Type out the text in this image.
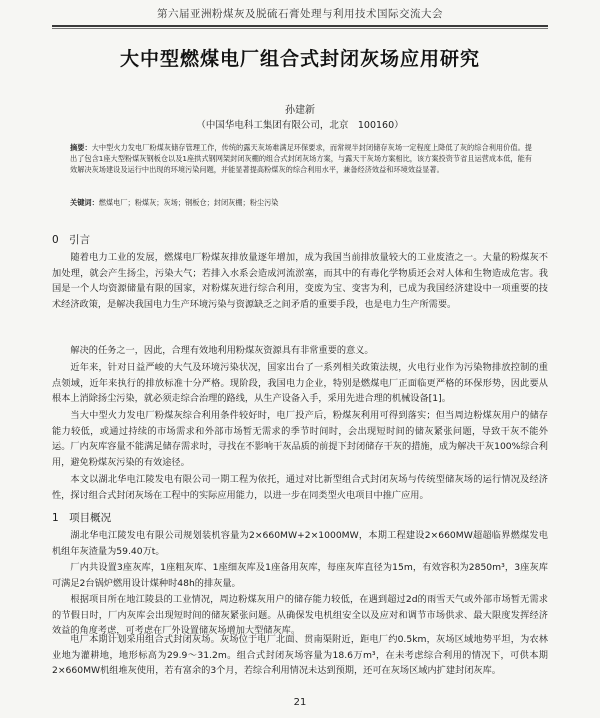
第六届亚洲粉煤灰及脱硫石膏处理与利用技术国际交流大会
大中型燃煤电厂组合式封闭灰场应用研究
孙建新
（中国华电科工集团有限公司，北京　100160）
摘要：大中型火力发电厂粉煤灰储存管理工作，传统的露天灰场难满足环保要求，而常规半封闭储存灰场一定程度上降低了灰的综合利用价值。提出了包含1座大型粉煤灰钢板仓以及1座拱式钢网架封闭灰棚的组合式封闭灰场方案，与露天干灰场方案相比，该方案投资节省且运营成本低，能有效解决灰场建设及运行中出现的环境污染问题，并能显著提高粉煤灰的综合利用水平，兼备经济效益和环境效益显著。
关键词：燃煤电厂；粉煤灰；灰场；钢板仓；封闭灰棚；粉尘污染
0　引言
随着电力工业的发展，燃煤电厂粉煤灰排放量逐年增加，成为我国当前排放量较大的工业废渣之一。大量的粉煤灰不加处理，就会产生扬尘，污染大气；若排入水系会造成河流淤塞，而其中的有毒化学物质还会对人体和生物造成危害。我国是一个人均资源储量有限的国家，对粉煤灰进行综合利用，变废为宝、变害为利，已成为我国经济建设中一项重要的技术经济政策，是解决我国电力生产环境污染与资源缺乏之间矛盾的重要手段，也是电力生产所需要。
解决的任务之一，因此，合理有效地利用粉煤灰资源具有非常重要的意义。
近年来，针对日益严峻的大气及环境污染状况，国家出台了一系列相关政策法规，火电行业作为污染物排放控制的重点领域，近年来执行的排放标准十分严格。现阶段，我国电力企业，特别是燃煤电厂正面临更严格的环保形势，因此要从根本上消除扬尘污染，就必须走综合治理的路线，从生产设备入手，采用先进合理的机械设备[1]。
当大中型火力发电厂粉煤灰综合利用条件较好时，电厂投产后，粉煤灰利用可得到落实；但当周边粉煤灰用户的储存能力较低，或通过持续的市场需求和外部市场暂无需求的季节时间时，会出现短时间的储灰紧张问题，导致干灰不能外运。厂内灰库容量不能满足储存需求时，寻找在不影响干灰品质的前提下封闭储存干灰的措施，成为解决干灰100%综合利用，避免粉煤灰污染的有效途径。
本文以湖北华电江陵发电有限公司一期工程为依托，通过对比新型组合式封闭灰场与传统型储灰场的运行情况及经济性，探讨组合式封闭灰场在工程中的实际应用能力，以进一步在同类型火电项目中推广应用。
1　项目概况
湖北华电江陵发电有限公司规划装机容量为2×660MW+2×1000MW，本期工程建设2×660MW超超临界燃煤发电机组年灰渣量为59.40万t。
厂内共设置3座灰库，1座粗灰库、1座细灰库及1座备用灰库，每座灰库直径为15m，有效容积为2850m³，3座灰库可满足2台锅炉燃用设计煤种时48h的排灰量。
根据项目所在地江陵县的工业情况，周边粉煤灰用户的储存能力较低，在遇到超过2d的雨雪天气或外部市场暂无需求的节假日时，厂内灰库会出现短时间的储灰紧张问题。从确保发电机组安全以及应对和调节市场供求、最大限度发挥经济效益的角度考虑，可考虑在厂外设置储灰场增加大型储灰库。
电厂本期计划采用组合式封闭灰场。灰场位于电厂北面、贯南渠附近，距电厂约0.5km，灰场区域地势平坦，为农林业地为灌耕地，地形标高为29.9～31.2m。组合式封闭灰场容量为18.6万m³，在未考虑综合利用的情况下，可供本期2×660MW机组堆灰使用，若有富余的3个月，若综合利用情况未达到预期，还可在灰场区域内扩建封闭灰库。
21
